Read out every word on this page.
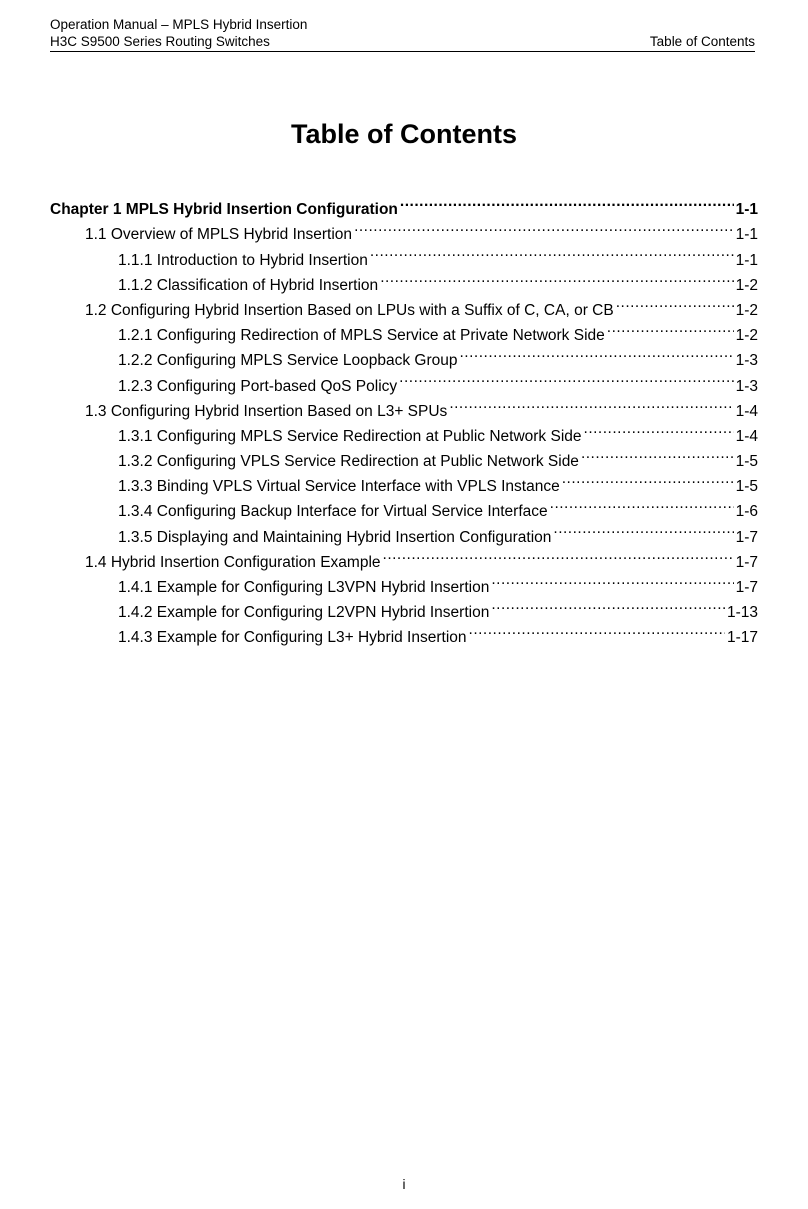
Operation Manual – MPLS Hybrid Insertion
H3C S9500 Series Routing Switches	Table of Contents
Table of Contents
Chapter 1 MPLS Hybrid Insertion Configuration .....	1-1
1.1 Overview of MPLS Hybrid Insertion .....	1-1
1.1.1 Introduction to Hybrid Insertion .....	1-1
1.1.2 Classification of Hybrid Insertion .....	1-2
1.2 Configuring Hybrid Insertion Based on LPUs with a Suffix of C, CA, or CB .....	1-2
1.2.1 Configuring Redirection of MPLS Service at Private Network Side .....	1-2
1.2.2 Configuring MPLS Service Loopback Group .....	1-3
1.2.3 Configuring Port-based QoS Policy .....	1-3
1.3 Configuring Hybrid Insertion Based on L3+ SPUs .....	1-4
1.3.1 Configuring MPLS Service Redirection at Public Network Side .....	1-4
1.3.2 Configuring VPLS Service Redirection at Public Network Side .....	1-5
1.3.3 Binding VPLS Virtual Service Interface with VPLS Instance .....	1-5
1.3.4 Configuring Backup Interface for Virtual Service Interface .....	1-6
1.3.5 Displaying and Maintaining Hybrid Insertion Configuration .....	1-7
1.4 Hybrid Insertion Configuration Example .....	1-7
1.4.1 Example for Configuring L3VPN Hybrid Insertion .....	1-7
1.4.2 Example for Configuring L2VPN Hybrid Insertion .....	1-13
1.4.3 Example for Configuring L3+ Hybrid Insertion .....	1-17
i
